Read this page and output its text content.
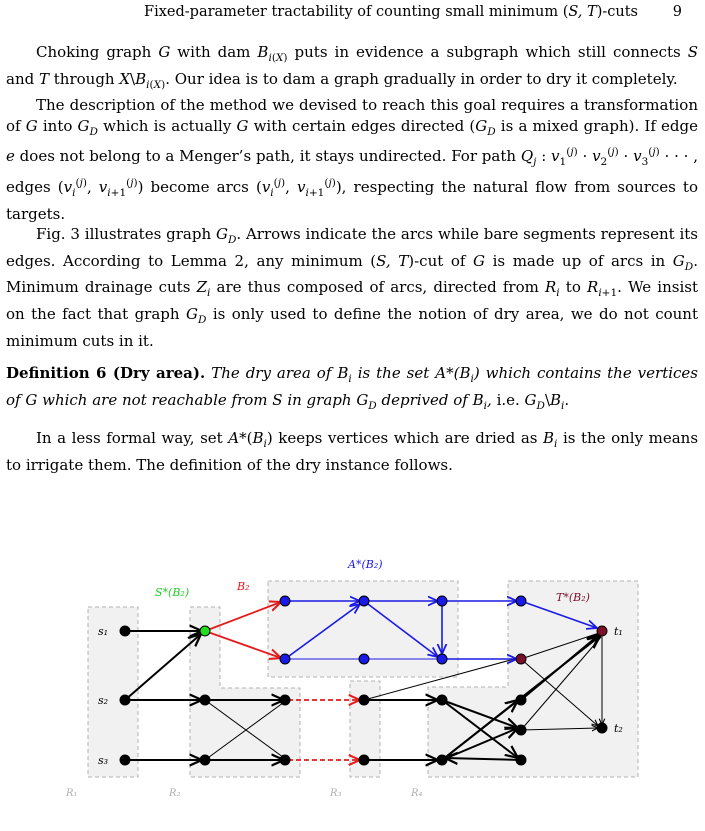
Fixed-parameter tractability of counting small minimum (S, T)-cuts 9

Choking graph G with dam $B_{i(X)}$ puts in evidence a subgraph which still connects S and T through $X\backslash B_{i(X)}$. Our idea is to dam a graph gradually in order to dry it completely.

The description of the method we devised to reach this goal requires a transformation of G into $G_D$ which is actually G with certain edges directed ($G_D$ is a mixed graph). If edge e does not belong to a Menger’s path, it stays undirected. For path $Q_j$ : $v_1^{(j)} \cdot v_2^{(j)} \cdot v_3^{(j)}$ · · · , edges ($v_i^{(j)}$, $v_{i+1}^{(j)}$) become arcs ($v_i^{(j)}$, $v_{i+1}^{(j)}$), respecting the natural flow from sources to targets.

Fig. 3 illustrates graph $G_D$. Arrows indicate the arcs while bare segments represent its edges. According to Lemma 2, any minimum (S, T)-cut of G is made up of arcs in $G_D$. Minimum drainage cuts $Z_i$ are thus composed of arcs, directed from $R_i$ to $R_{i+1}$. We insist on the fact that graph $G_D$ is only used to define the notion of dry area, we do not count minimum cuts in it.

Definition 6 (Dry area). The dry area of $B_i$ is the set $A*(B_i)$ which contains the vertices of G which are not reachable from S in graph $G_D$ deprived of $B_i$, i.e. $G_D\backslash B_i$.

In a less formal way, set $A*(B_i)$ keeps vertices which are dried as $B_i$ is the only means to irrigate them. The definition of the dry instance follows.

s₁
s₂
s₃
t₁
t₂
S*(B₂)	B₂
A*(B₂)
T*(B₂)
R₁	R₂	R₃	R₄
